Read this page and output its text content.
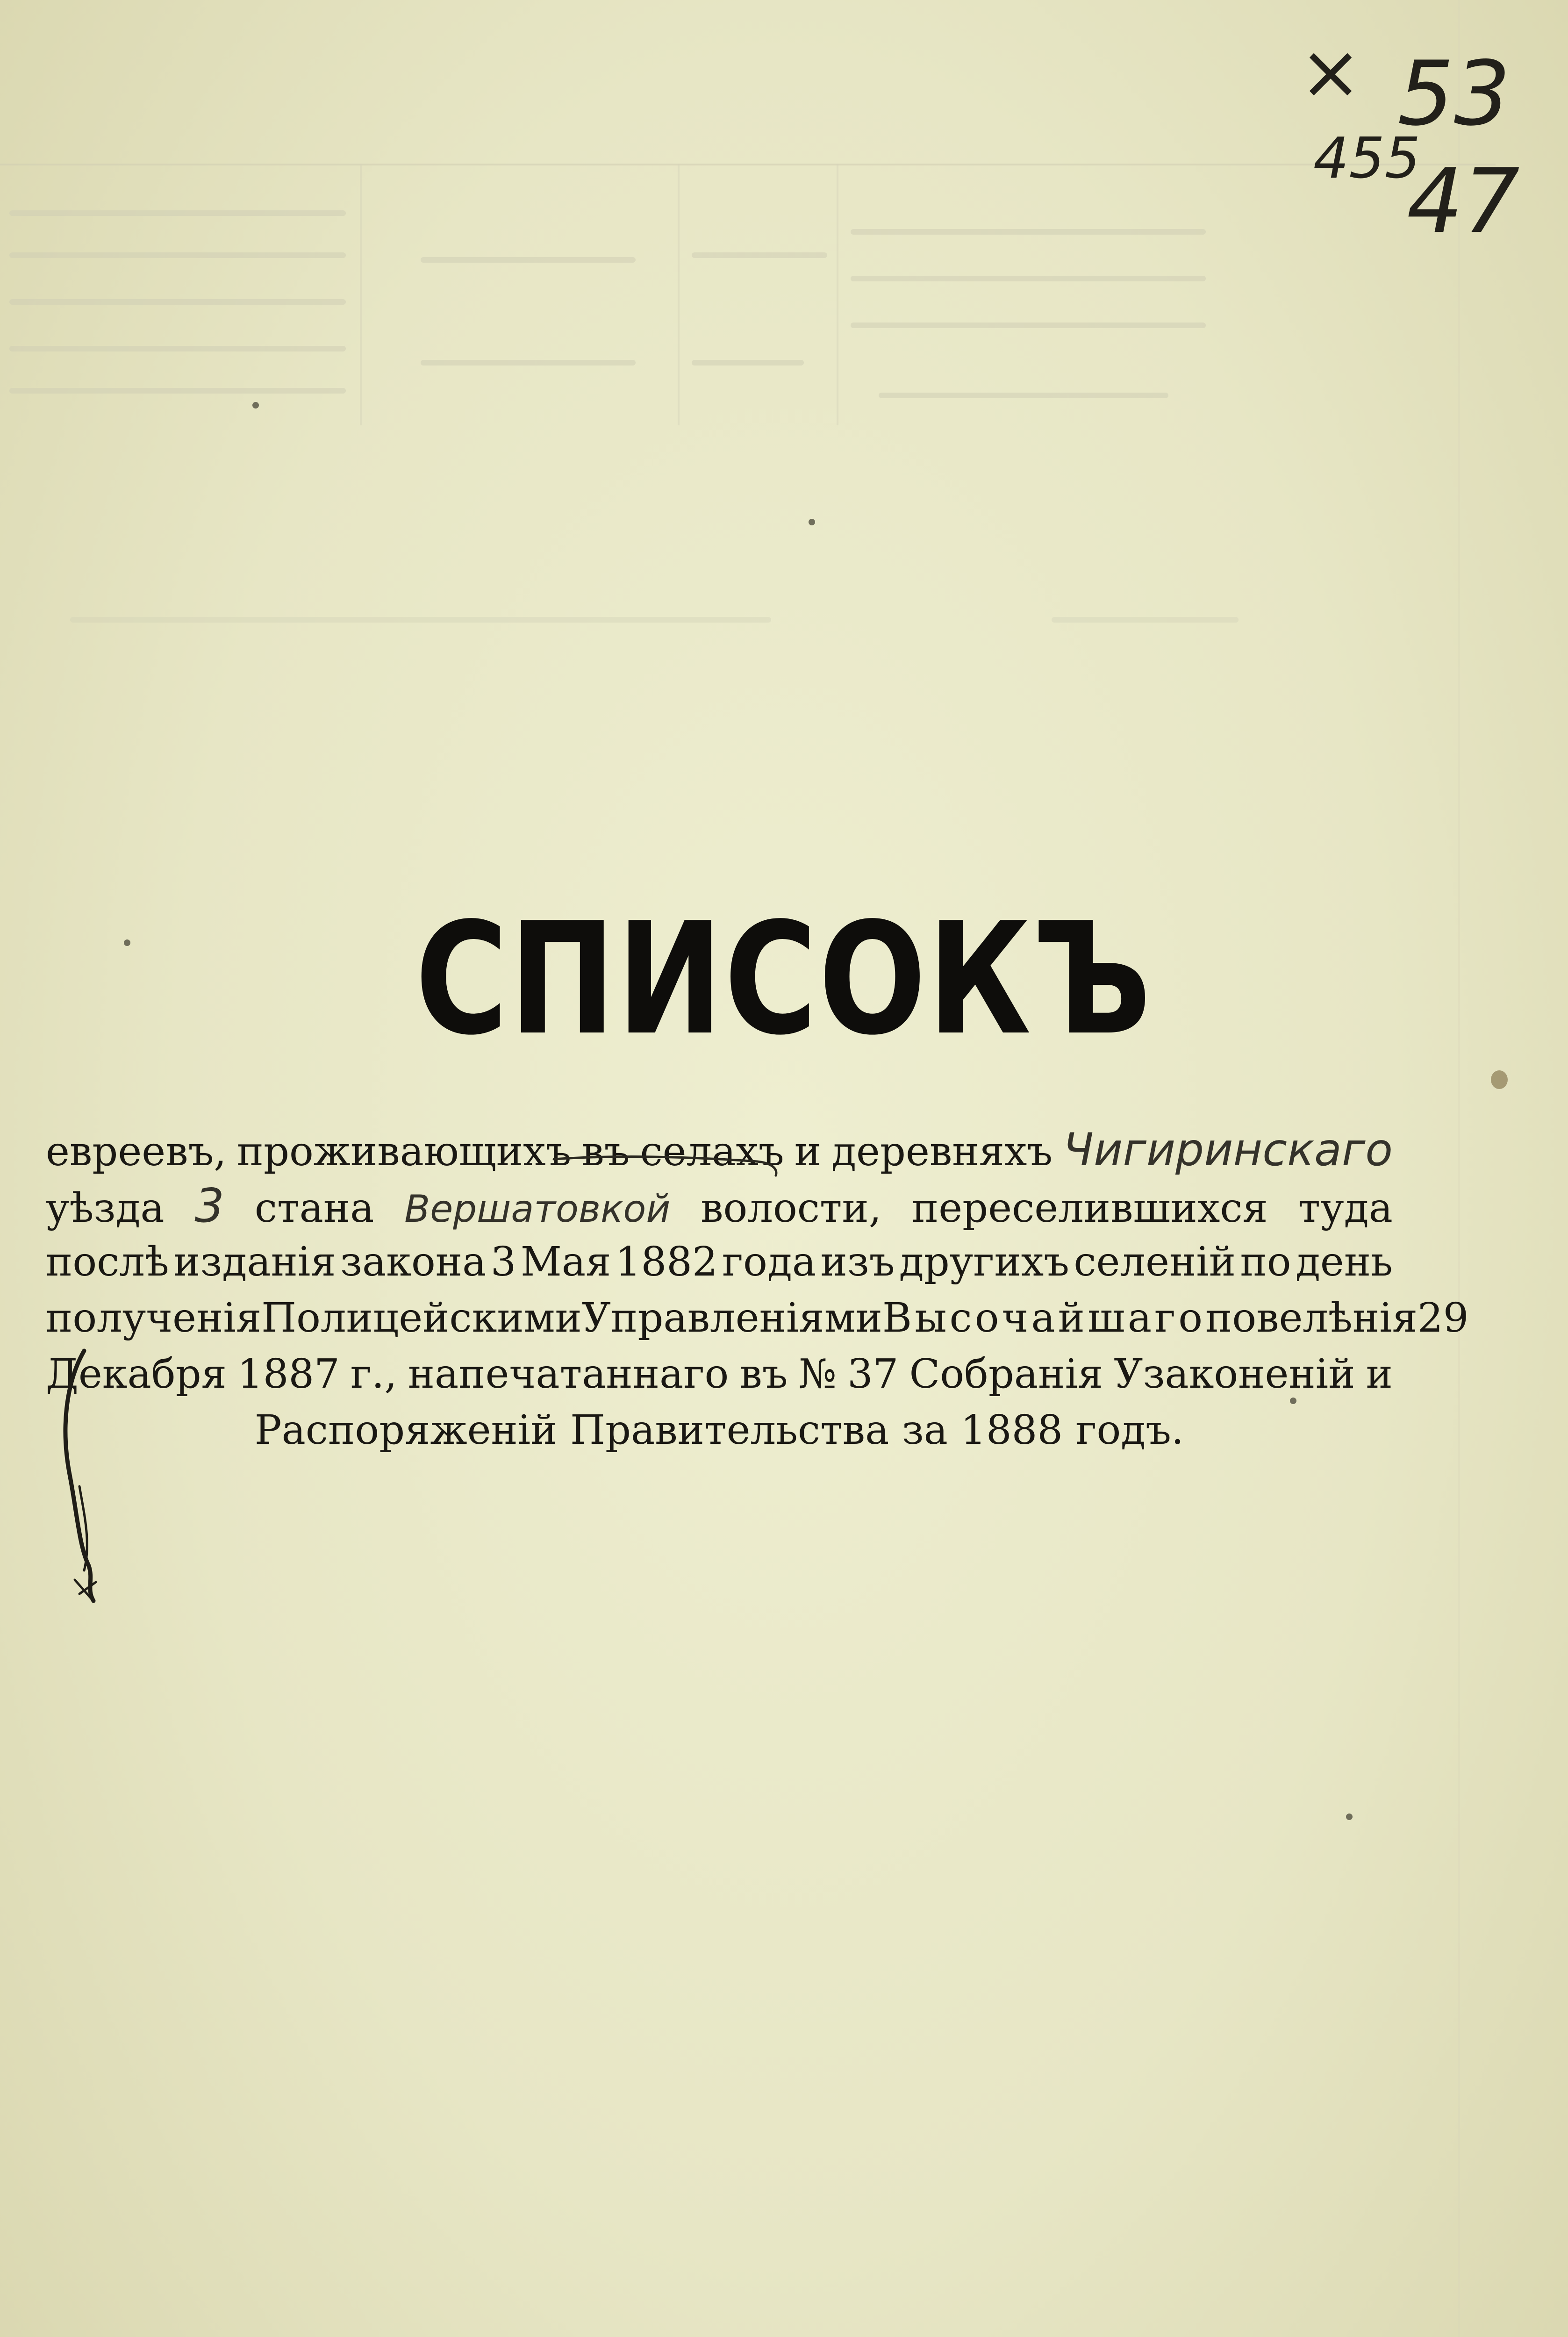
× 53
455
47
СПИСОКЪ
евреевъ, проживающихъ въ селахъ и деревняхъ Чигиринскаго
уѣзда 3 стана Вершатовкой волости, переселившихся туда
послѣ изданія закона 3 Мая 1882 года изъ другихъ селеній по день
полученія Полицейскими Управленіями Высочайшаго повелѣнія 29
Декабря 1887 г., напечатаннаго въ № 37 Собранія Узаконеній и
Распоряженій Правительства за 1888 годъ.
